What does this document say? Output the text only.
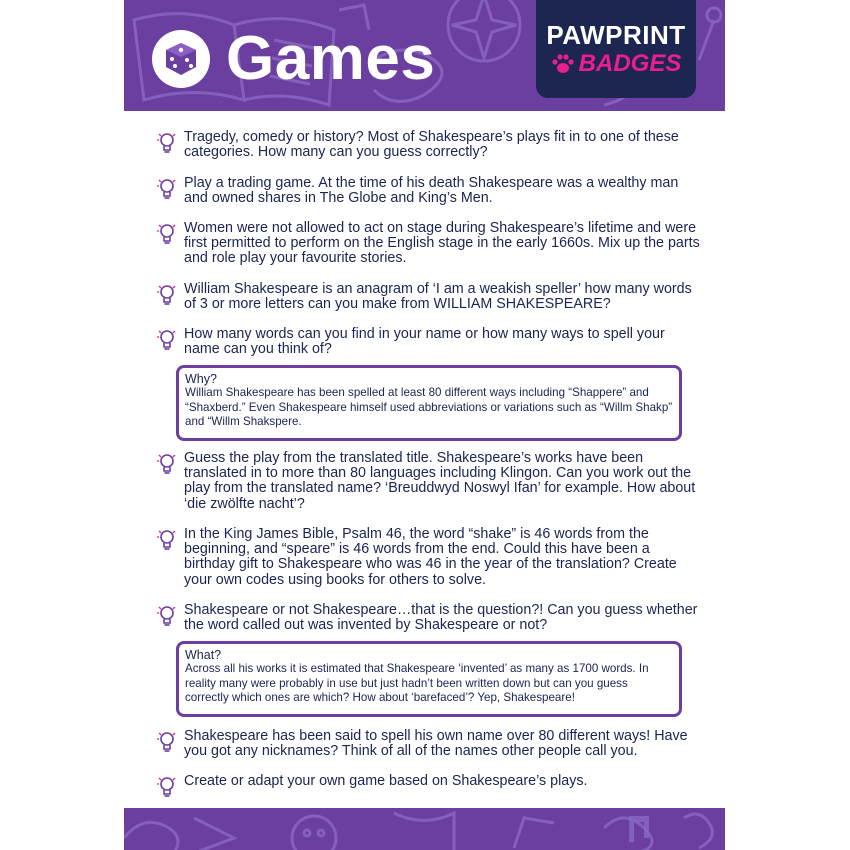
Games	PAWPRINT
BADGES
Tragedy, comedy or history? Most of Shakespeare’s plays fit in to one of these categories. How many can you guess correctly?
Play a trading game. At the time of his death Shakespeare was a wealthy man and owned shares in The Globe and King’s Men.
Women were not allowed to act on stage during Shakespeare’s lifetime and were first permitted to perform on the English stage in the early 1660s. Mix up the parts and role play your favourite stories.
William Shakespeare is an anagram of ‘I am a weakish speller’ how many words of 3 or more letters can you make from WILLIAM SHAKESPEARE?
How many words can you find in your name or how many ways to spell your name can you think of?
Why?
William Shakespeare has been spelled at least 80 different ways including “Shappere” and “Shaxberd.” Even Shakespeare himself used abbreviations or variations such as “Willm Shakp” and “Willm Shakspere.
Guess the play from the translated title. Shakespeare’s works have been translated in to more than 80 languages including Klingon. Can you work out the play from the translated name? ‘Breuddwyd Noswyl Ifan’ for example. How about ‘die zwölfte nacht’?
In the King James Bible, Psalm 46, the word “shake” is 46 words from the beginning, and “speare” is 46 words from the end. Could this have been a birthday gift to Shakespeare who was 46 in the year of the translation? Create your own codes using books for others to solve.
Shakespeare or not Shakespeare…that is the question?! Can you guess whether the word called out was invented by Shakespeare or not?
What?
Across all his works it is estimated that Shakespeare ‘invented’ as many as 1700 words. In reality many were probably in use but just hadn’t been written down but can you guess correctly which ones are which? How about ‘barefaced’? Yep, Shakespeare!
Shakespeare has been said to spell his own name over 80 different ways! Have you got any nicknames? Think of all of the names other people call you.
Create or adapt your own game based on Shakespeare’s plays.
